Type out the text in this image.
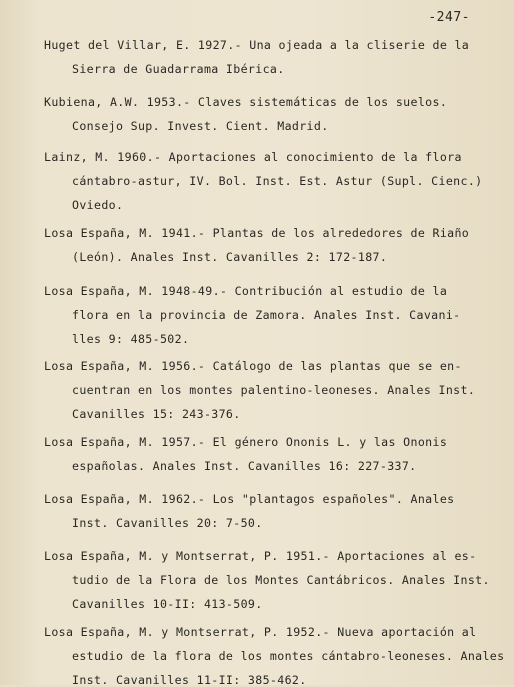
-247-
Huget del Villar, E. 1927.- Una ojeada a la cliserie de la
Sierra de Guadarrama Ibérica.
Kubiena, A.W. 1953.- Claves sistemáticas de los suelos.
Consejo Sup. Invest. Cient. Madrid.
Lainz, M. 1960.- Aportaciones al conocimiento de la flora
cántabro-astur, IV. Bol. Inst. Est. Astur (Supl. Cienc.)
Oviedo.
Losa España, M. 1941.- Plantas de los alrededores de Riaño
(León). Anales Inst. Cavanilles 2: 172-187.
Losa España, M. 1948-49.- Contribución al estudio de la
flora en la provincia de Zamora. Anales Inst. Cavani-
lles 9: 485-502.
Losa España, M. 1956.- Catálogo de las plantas que se en-
cuentran en los montes palentino-leoneses. Anales Inst.
Cavanilles 15: 243-376.
Losa España, M. 1957.- El género Ononis L. y las Ononis
españolas. Anales Inst. Cavanilles 16: 227-337.
Losa España, M. 1962.- Los "plantagos españoles". Anales
Inst. Cavanilles 20: 7-50.
Losa España, M. y Montserrat, P. 1951.- Aportaciones al es-
tudio de la Flora de los Montes Cantábricos. Anales Inst.
Cavanilles 10-II: 413-509.
Losa España, M. y Montserrat, P. 1952.- Nueva aportación al
estudio de la flora de los montes cántabro-leoneses. Anales
Inst. Cavanilles 11-II: 385-462.
